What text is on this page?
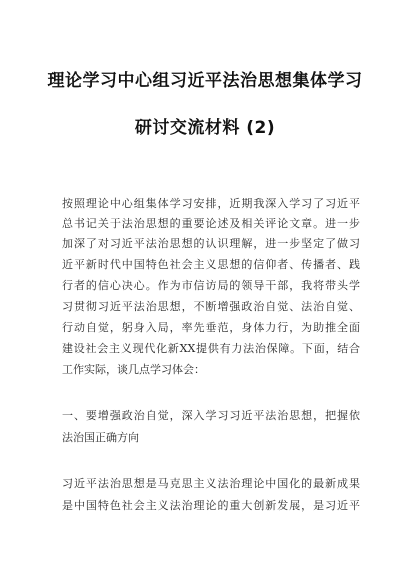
理论学习中心组习近平法治思想集体学习
研讨交流材料 (2)
按照理论中心组集体学习安排，近期我深入学习了习近平
总书记关于法治思想的重要论述及相关评论文章。进一步
加深了对习近平法治思想的认识理解，进一步坚定了做习
近平新时代中国特色社会主义思想的信仰者、传播者、践
行者的信心决心。作为市信访局的领导干部，我将带头学
习贯彻习近平法治思想，不断增强政治自觉、法治自觉、
行动自觉，躬身入局，率先垂范，身体力行，为助推全面
建设社会主义现代化新XX提供有力法治保障。下面，结合
工作实际，谈几点学习体会：
一、要增强政治自觉，深入学习习近平法治思想，把握依
法治国正确方向
习近平法治思想是马克思主义法治理论中国化的最新成果
是中国特色社会主义法治理论的重大创新发展，是习近平
